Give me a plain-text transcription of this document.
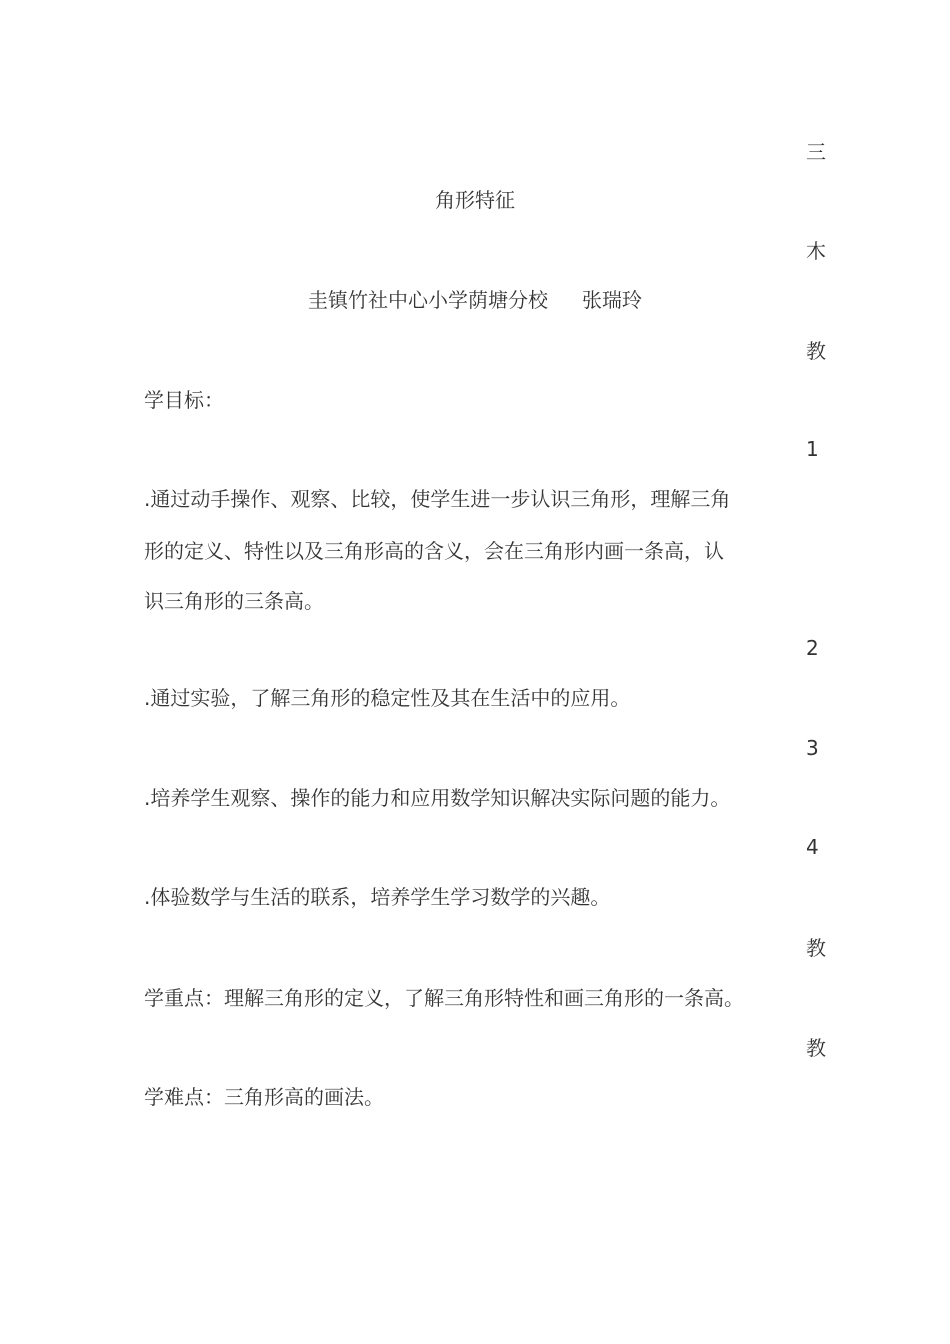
三
角形特征
木
圭镇竹社中心小学荫塘分校 张瑞玲
教
学目标：
1
.通过动手操作、观察、比较，使学生进一步认识三角形，理解三角
形的定义、特性以及三角形高的含义，会在三角形内画一条高，认
识三角形的三条高。
2
.通过实验，了解三角形的稳定性及其在生活中的应用。
3
.培养学生观察、操作的能力和应用数学知识解决实际问题的能力。
4
.体验数学与生活的联系，培养学生学习数学的兴趣。
教
学重点：理解三角形的定义，了解三角形特性和画三角形的一条高。
教
学难点：三角形高的画法。
